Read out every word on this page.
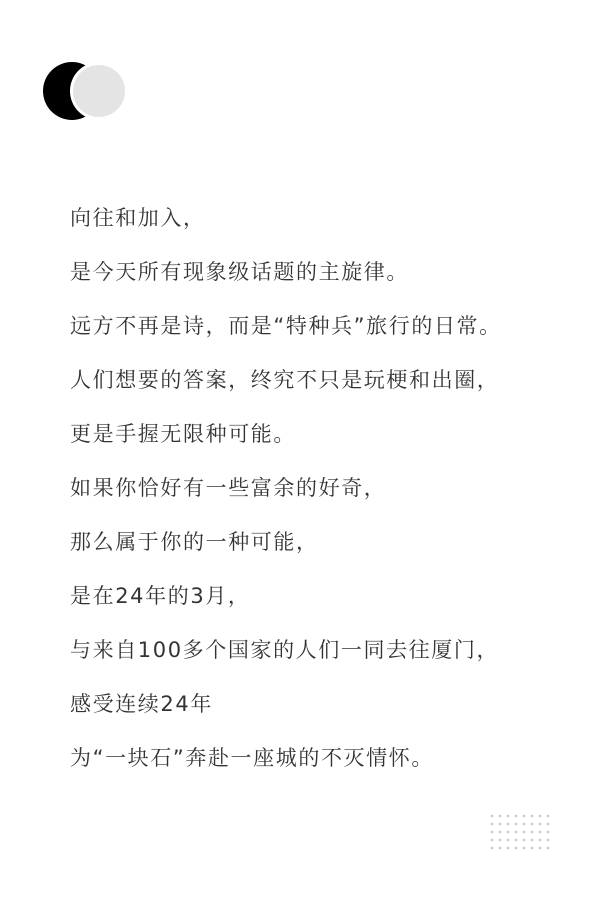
向往和加入，
是今天所有现象级话题的主旋律。
远方不再是诗，而是“特种兵”旅行的日常。
人们想要的答案，终究不只是玩梗和出圈，
更是手握无限种可能。
如果你恰好有一些富余的好奇，
那么属于你的一种可能，
是在24年的3月，
与来自100多个国家的人们一同去往厦门，
感受连续24年
为“一块石”奔赴一座城的不灭情怀。
